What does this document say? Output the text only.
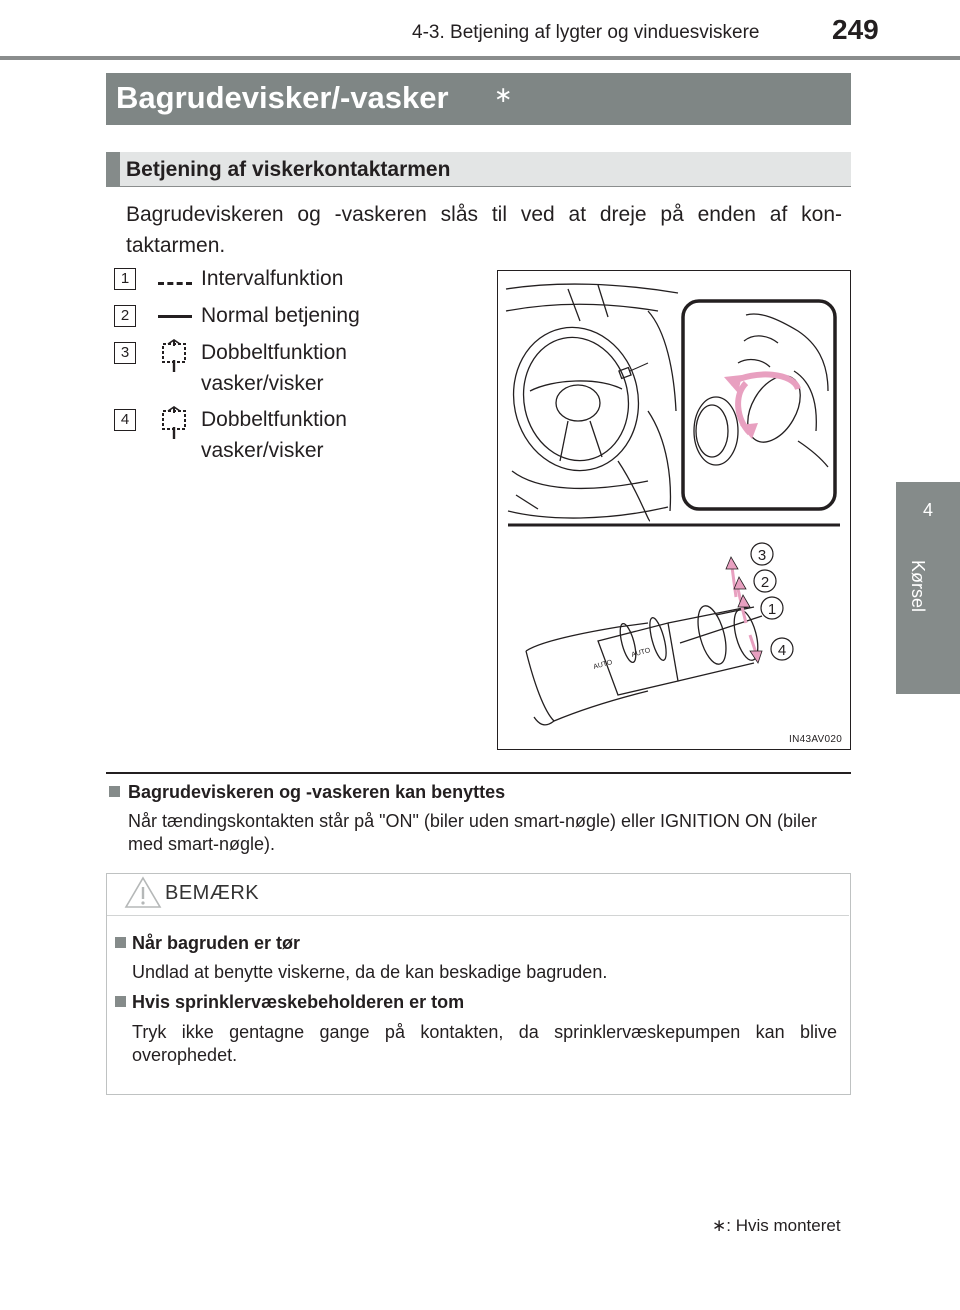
4-3. Betjening af lygter og vinduesviskere	249
4
Kørsel
Bagrudevisker/-vasker ∗
Betjening af viskerkontaktarmen
Bagrudeviskeren og -vaskeren slås til ved at dreje på enden af kon-taktarmen.
1	Intervalfunktion
2	Normal betjening
3	Dobbeltfunktion
vasker/visker
4	Dobbeltfunktion
vasker/visker
AUTO
AUTO
3
2
1
4
IN43AV020
Bagrudeviskeren og -vaskeren kan benyttes
Når tændingskontakten står på "ON" (biler uden smart-nøgle) eller IGNITION ON (biler med smart-nøgle).
BEMÆRK
Når bagruden er tør
Undlad at benytte viskerne, da de kan beskadige bagruden.
Hvis sprinklervæskebeholderen er tom
Tryk ikke gentagne gange på kontakten, da sprinklervæskepumpen kan blive overophedet.
∗: Hvis monteret
